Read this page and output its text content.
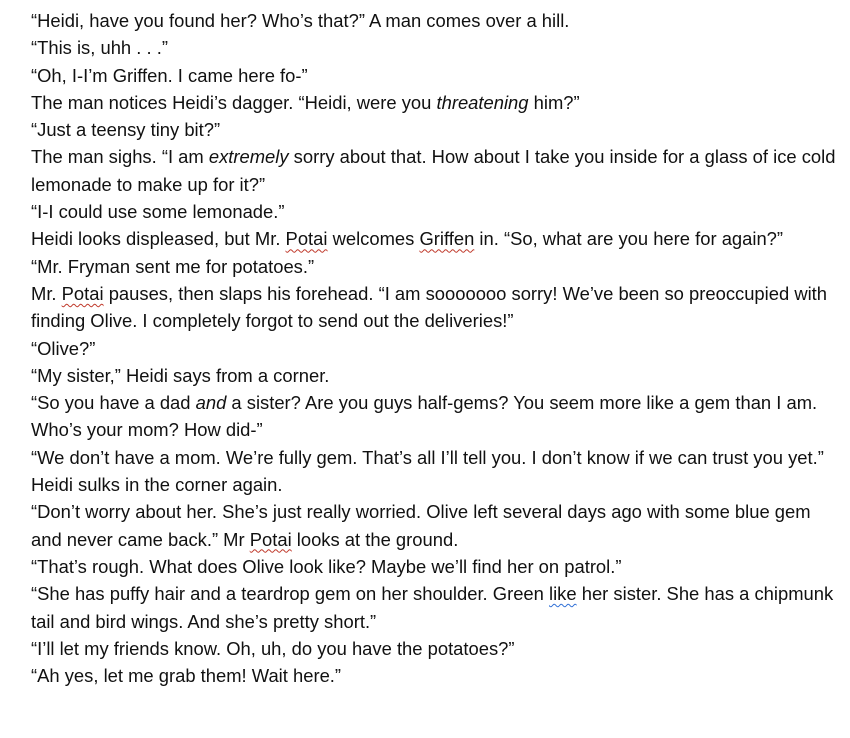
“Heidi, have you found her? Who’s that?” A man comes over a hill.
“This is, uhh . . .”
“Oh, I-I’m Griffen. I came here fo-”
The man notices Heidi’s dagger. “Heidi, were you threatening him?”
“Just a teensy tiny bit?”
The man sighs. “I am extremely sorry about that. How about I take you inside for a glass of ice cold lemonade to make up for it?”
“I-I could use some lemonade.”
Heidi looks displeased, but Mr. Potai welcomes Griffen in. “So, what are you here for again?”
“Mr. Fryman sent me for potatoes.”
Mr. Potai pauses, then slaps his forehead. “I am sooooooo sorry! We’ve been so preoccupied with finding Olive. I completely forgot to send out the deliveries!”
“Olive?”
“My sister,” Heidi says from a corner.
“So you have a dad and a sister? Are you guys half-gems? You seem more like a gem than I am. Who’s your mom? How did-”
“We don’t have a mom. We’re fully gem. That’s all I’ll tell you. I don’t know if we can trust you yet.” Heidi sulks in the corner again.
“Don’t worry about her. She’s just really worried. Olive left several days ago with some blue gem and never came back.” Mr Potai looks at the ground.
“That’s rough. What does Olive look like? Maybe we’ll find her on patrol.”
“She has puffy hair and a teardrop gem on her shoulder. Green like her sister. She has a chipmunk tail and bird wings. And she’s pretty short.”
“I’ll let my friends know. Oh, uh, do you have the potatoes?”
“Ah yes, let me grab them! Wait here.”
